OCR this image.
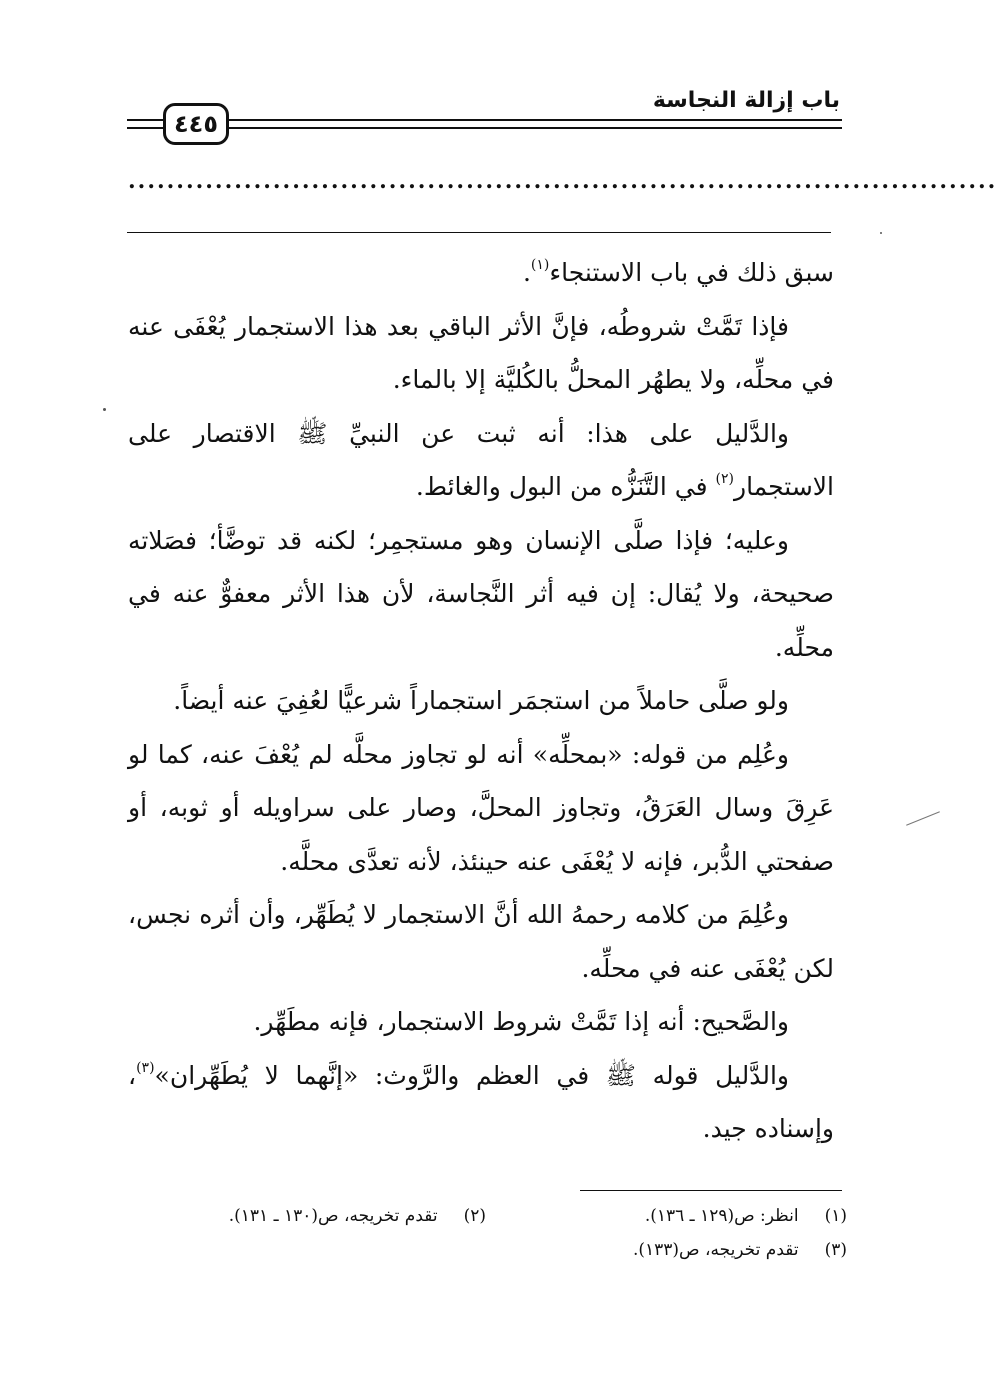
باب إزالة النجاسة
٤٤٥
..........................................................................................

سبق ذلك في باب الاستنجاء$^{(١)}$.

فإذا تَمَّتْ شروطُه، فإنَّ الأثر الباقي بعد هذا الاستجمار يُعْفَى عنه في محلِّه، ولا يطهُر المحلُّ بالكُليَّة إلا بالماء.

والدَّليل على هذا: أنه ثبت عن النبيِّ ﷺ الاقتصار على الاستجمار$^{(٢)}$ في التَّنَزُّه من البول والغائط.

وعليه؛ فإذا صلَّى الإنسان وهو مستجمِر؛ لكنه قد توضَّأ؛ فصَلاته صحيحة، ولا يُقال: إن فيه أثر النَّجاسة، لأن هذا الأثر معفوٌّ عنه في محلِّه.

ولو صلَّى حاملاً من استجمَر استجماراً شرعيًّا لعُفِيَ عنه أيضاً.

وعُلِم من قوله: «بمحلِّه» أنه لو تجاوز محلَّه لم يُعْفَ عنه، كما لو عَرِقَ وسال العَرَقُ، وتجاوز المحلَّ، وصار على سراويله أو ثوبه، أو صفحتي الدُّبر، فإنه لا يُعْفَى عنه حينئذ، لأنه تعدَّى محلَّه.

وعُلِمَ من كلامه رحمهُ الله أنَّ الاستجمار لا يُطَهِّر، وأن أثره نجس، لكن يُعْفَى عنه في محلِّه.

والصَّحيح: أنه إذا تَمَّتْ شروط الاستجمار، فإنه مطَهِّر.

والدَّليل قوله ﷺ في العظم والرَّوث: «إنَّهما لا يُطَهِّران»$^{(٣)}$، وإسناده جيد.

(١)انظر: ص(١٢٩ ـ ١٣٦).
(٢)تقدم تخريجه، ص(١٣٠ ـ ١٣١).
(٣)تقدم تخريجه، ص(١٣٣).
